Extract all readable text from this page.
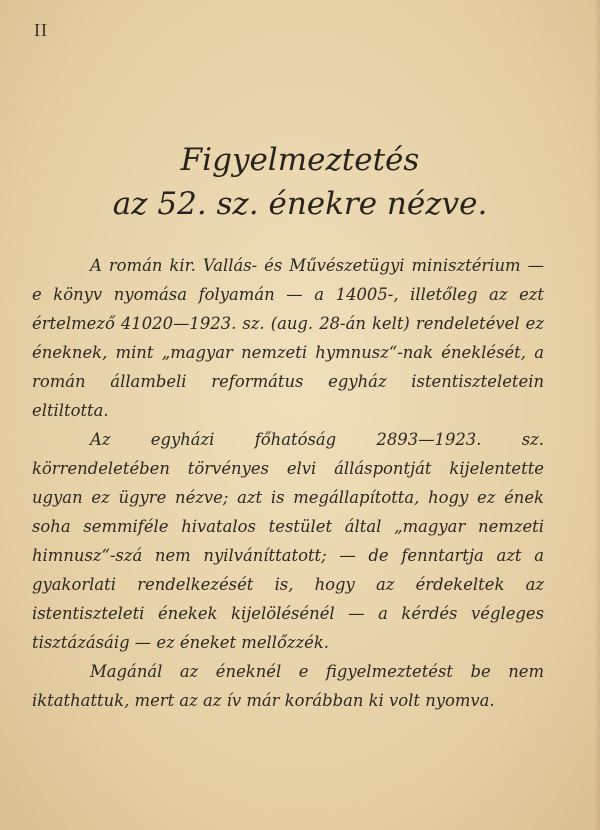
II
Figyelmeztetés
az 52. sz. énekre nézve.

A román kir. Vallás- és Művészetügyi minisztérium — e könyv nyomása folyamán — a 14005-, illetőleg az ezt értelmező 41020—1923. sz. (aug. 28-án kelt) rendeletével ez éneknek, mint „magyar nemzeti hymnusz“-nak éneklését, a román állambeli református egyház istentiszteletein eltiltotta.

Az egyházi főhatóság 2893—1923. sz. körrendeletében törvényes elvi álláspontját kijelentette ugyan ez ügyre nézve; azt is megállapította, hogy ez ének soha semmiféle hivatalos testület által „magyar nemzeti himnusz“-szá nem nyilváníttatott; — de fenntartja azt a gyakorlati rendelkezését is, hogy az érdekeltek az istentiszteleti énekek kijelölésénél — a kérdés végleges tisztázásáig — ez éneket mellőzzék.

Magánál az éneknél e figyelmeztetést be nem iktathattuk, mert az az ív már korábban ki volt nyomva.
